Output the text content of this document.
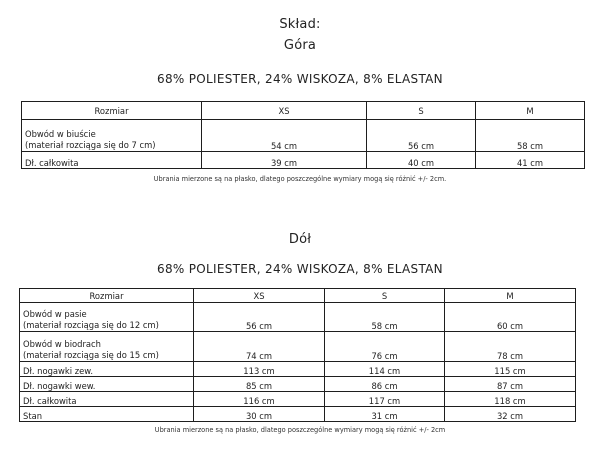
Skład:
Góra
68% POLIESTER, 24% WISKOZA, 8% ELASTAN
Rozmiar	XS	S	M

Obwód w biuście
(materiał rozciąga się do 7 cm)	54 cm	56 cm	58 cm
Dł. całkowita	39 cm	40 cm	41 cm
Ubrania mierzone są na płasko, dlatego poszczególne wymiary mogą się różnić +/- 2cm.
Dół
68% POLIESTER, 24% WISKOZA, 8% ELASTAN
Rozmiar	XS	S	M

Obwód w pasie
(materiał rozciąga się do 12 cm)	56 cm	58 cm	60 cm

Obwód w biodrach
(materiał rozciąga się do 15 cm)	74 cm	76 cm	78 cm
Dł. nogawki zew.	113 cm	114 cm	115 cm
Dł. nogawki wew.	85 cm	86 cm	87 cm
Dł. całkowita	116 cm	117 cm	118 cm
Stan	30 cm	31 cm	32 cm
Ubrania mierzone są na płasko, dlatego poszczególne wymiary mogą się różnić +/- 2cm
